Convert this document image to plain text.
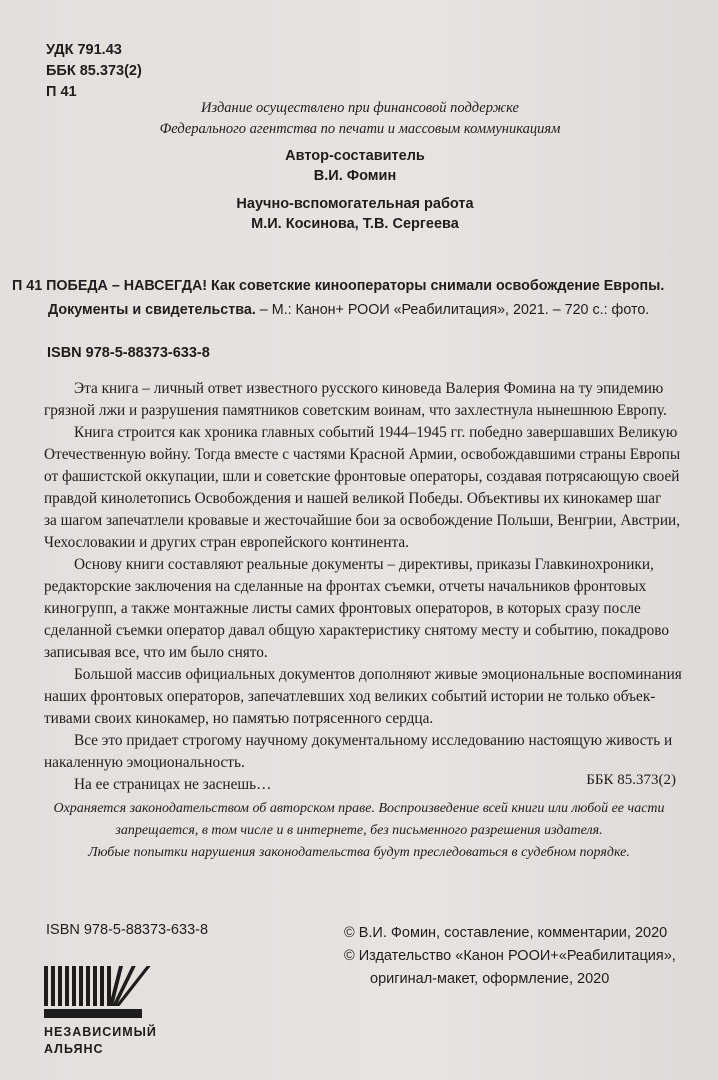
УДК 791.43
ББК 85.373(2)
П 41
Издание осуществлено при финансовой поддержке
Федерального агентства по печати и массовым коммуникациям
Автор-составитель
В.И. Фомин
Научно-вспомогательная работа
М.И. Косинова, Т.В. Сергеева
П 41 ПОБЕДА – НАВСЕГДА! Как советские кинооператоры снимали освобождение Европы.
Документы и свидетельства. – М.: Канон+ РООИ «Реабилитация», 2021. – 720 с.: фото.
ISBN 978-5-88373-633-8
Эта книга – личный ответ известного русского киноведа Валерия Фомина на ту эпидемию
грязной лжи и разрушения памятников советским воинам, что захлестнула нынешнюю Европу.
Книга строится как хроника главных событий 1944–1945 гг. победно завершавших Великую
Отечественную войну. Тогда вместе с частями Красной Армии, освобождавшими страны Европы
от фашистской оккупации, шли и советские фронтовые операторы, создавая потрясающую своей
правдой кинолетопись Освобождения и нашей великой Победы. Объективы их кинокамер шаг
за шагом запечатлели кровавые и жесточайшие бои за освобождение Польши, Венгрии, Австрии,
Чехословакии и других стран европейского континента.
Основу книги составляют реальные документы – директивы, приказы Главкинохроники,
редакторские заключения на сделанные на фронтах съемки, отчеты начальников фронтовых
киногрупп, а также монтажные листы самих фронтовых операторов, в которых сразу после
сделанной съемки оператор давал общую характеристику снятому месту и событию, покадрово
записывая все, что им было снято.
Большой массив официальных документов дополняют живые эмоциональные воспоминания
наших фронтовых операторов, запечатлевших ход великих событий истории не только объек-
тивами своих кинокамер, но памятью потрясенного сердца.
Все это придает строгому научному документальному исследованию настоящую живость и
накаленную эмоциональность.
На ее страницах не заснешь…	ББК 85.373(2)
Охраняется законодательством об авторском праве. Воспроизведение всей книги или любой ее части
запрещается, в том числе и в интернете, без письменного разрешения издателя.
Любые попытки нарушения законодательства будут преследоваться в судебном порядке.
ISBN 978-5-88373-633-8	© В.И. Фомин, составление, комментарии, 2020
© Издательство «Канон РООИ+«Реабилитация»,
оригинал-макет, оформление, 2020
НЕЗАВИСИМЫЙ
АЛЬЯНС
